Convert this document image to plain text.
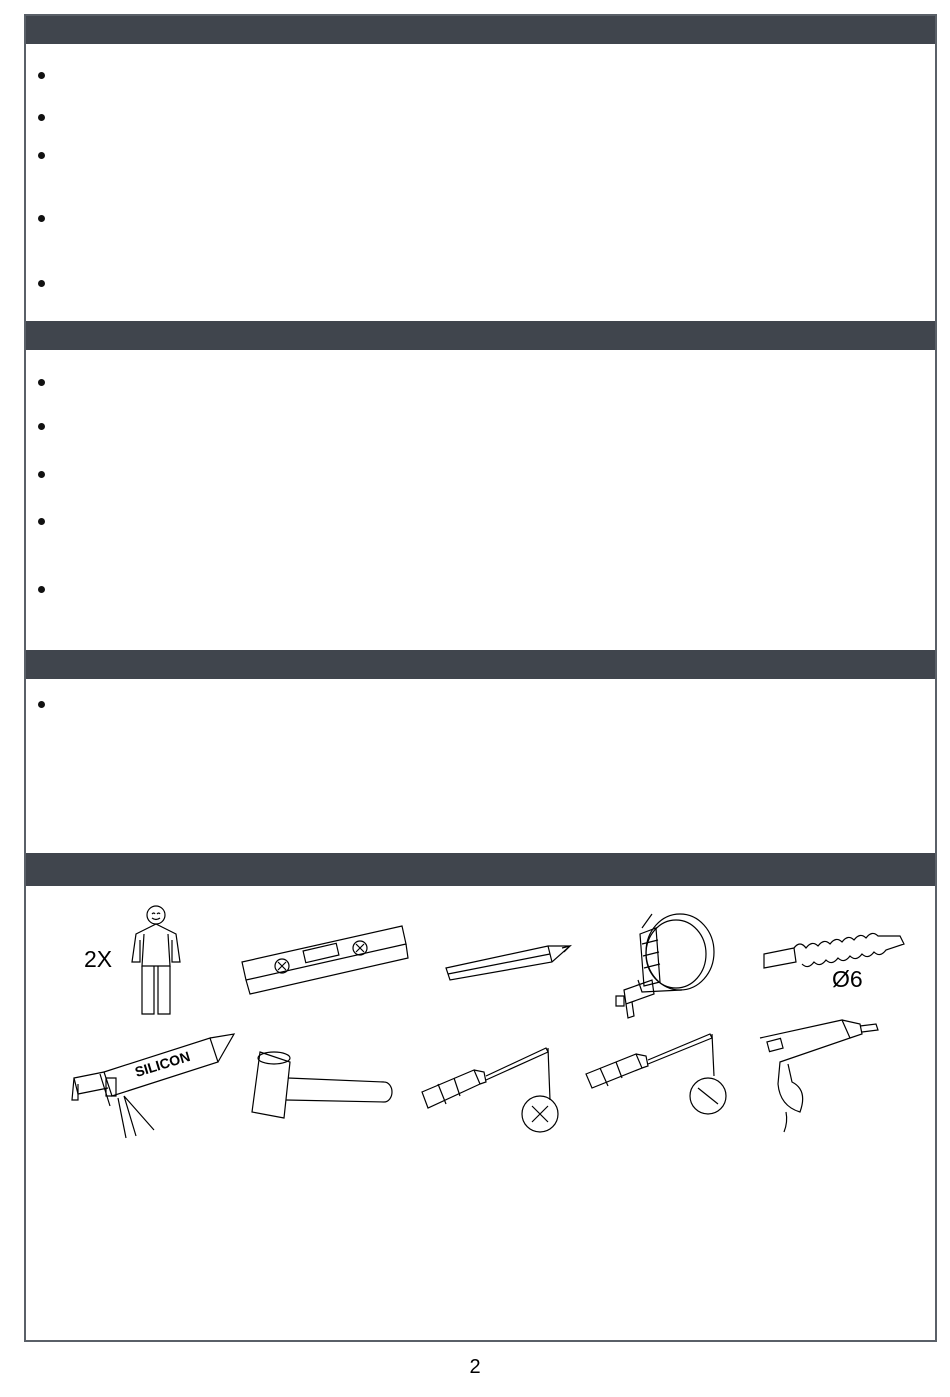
2X
Ø6
SILICON
2
